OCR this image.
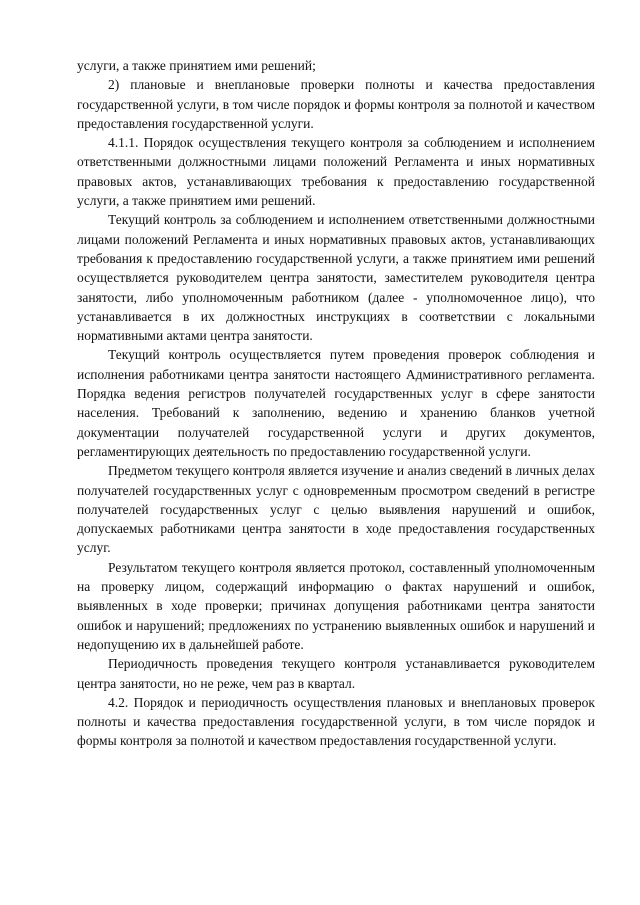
услуги, а также принятием ими решений;

2) плановые и внеплановые проверки полноты и качества предоставления государственной услуги, в том числе порядок и формы контроля за полнотой и качеством предоставления государственной услуги.

4.1.1. Порядок осуществления текущего контроля за соблюдением и исполнением ответственными должностными лицами положений Регламента и иных нормативных правовых актов, устанавливающих требования к предоставлению государственной услуги, а также принятием ими решений.

Текущий контроль за соблюдением и исполнением ответственными должностными лицами положений Регламента и иных нормативных правовых актов, устанавливающих требования к предоставлению государственной услуги, а также принятием ими решений осуществляется руководителем центра занятости, заместителем руководителя центра занятости, либо уполномоченным работником (далее - уполномоченное лицо), что устанавливается в их должностных инструкциях в соответствии с локальными нормативными актами центра занятости.

Текущий контроль осуществляется путем проведения проверок соблюдения и исполнения работниками центра занятости настоящего Административного регламента. Порядка ведения регистров получателей государственных услуг в сфере занятости населения. Требований к заполнению, ведению и хранению бланков учетной документации получателей государственной услуги и других документов, регламентирующих деятельность по предоставлению государственной услуги.

Предметом текущего контроля является изучение и анализ сведений в личных делах получателей государственных услуг с одновременным просмотром сведений в регистре получателей государственных услуг с целью выявления нарушений и ошибок, допускаемых работниками центра занятости в ходе предоставления государственных услуг.

Результатом текущего контроля является протокол, составленный уполномоченным на проверку лицом, содержащий информацию о фактах нарушений и ошибок, выявленных в ходе проверки; причинах допущения работниками центра занятости ошибок и нарушений; предложениях по устранению выявленных ошибок и нарушений и недопущению их в дальнейшей работе.

Периодичность проведения текущего контроля устанавливается руководителем центра занятости, но не реже, чем раз в квартал.

4.2. Порядок и периодичность осуществления плановых и внеплановых проверок полноты и качества предоставления государственной услуги, в том числе порядок и формы контроля за полнотой и качеством предоставления государственной услуги.
